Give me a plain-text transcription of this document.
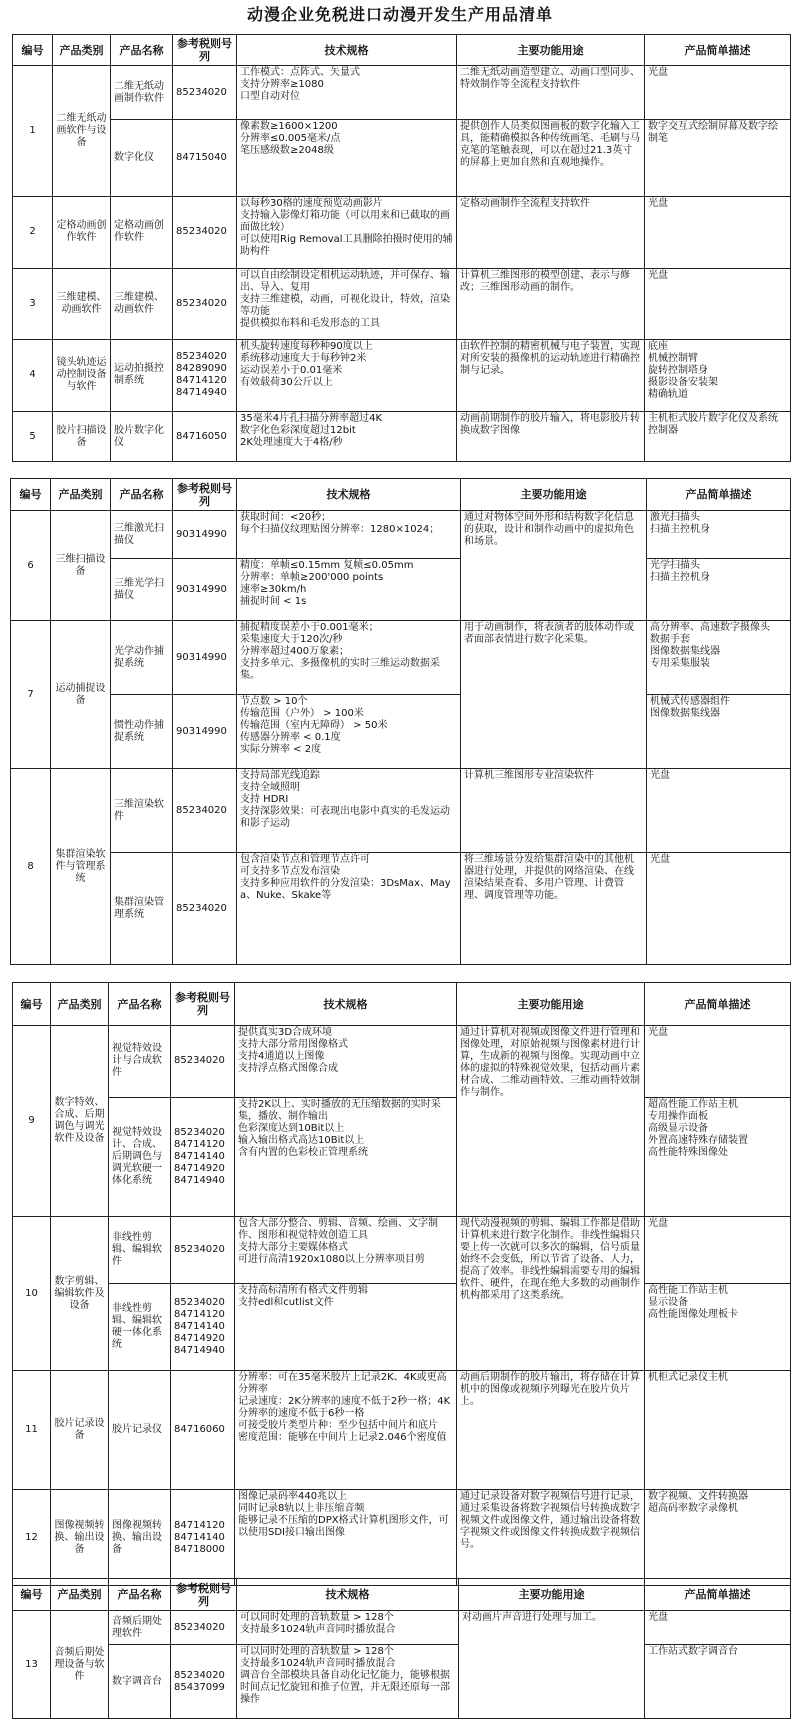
动漫企业免税进口动漫开发生产用品清单
编号	产品类别	产品名称	参考税则号列	技术规格	主要功能用途	产品简单描述
1	二维无纸动画软件与设备	二维无纸动画制作软件	85234020	工作模式：点阵式、矢量式
支持分辨率≥1080
口型自动对位	二维无纸动画造型建立、动画口型同步、特效制作等全流程支持软件	光盘
		数字化仪	84715040	像素数≥1600×1200
分辨率≤0.005毫米/点
笔压感级数≥2048级	提供创作人员类似图画板的数字化输入工具，能精确模拟各种传统画笔、毛刷与马克笔的笔触表现，可以在超过21.3英寸的屏幕上更加自然和直观地操作。	数字交互式绘制屏幕及数字绘制笔
2	定格动画创作软件	定格动画创作软件	85234020	以每秒30格的速度预览动画影片
支持输入影像灯箱功能（可以用来和已截取的画面做比较）
可以使用Rig Removal工具删除拍摄时使用的辅助构件	定格动画制作全流程支持软件	光盘
3	三维建模、动画软件	三维建模、动画软件	85234020	可以自由绘制设定相机运动轨迹，并可保存、输出、导入、复用
支持三维建模，动画，可视化设计，特效，渲染等功能
提供模拟布料和毛发形态的工具	计算机三维图形的模型创建、表示与修改；三维图形动画的制作。	光盘
4	镜头轨迹运动控制设备与软件	运动拍摄控制系统	85234020
84289090
84714120
84714940	机头旋转速度每秒种90度以上
系统移动速度大于每秒钟2米
运动误差小于0.01毫米
有效载荷30公斤以上	由软件控制的精密机械与电子装置，实现对所安装的摄像机的运动轨迹进行精确控制与记录。	底座
机械控制臂
旋转控制塔身
摄影设备安装架
精确轨道
5	胶片扫描设备	胶片数字化仪	84716050	35毫米4片孔扫描分辨率超过4K
数字化色彩深度超过12bit
2K处理速度大于4格/秒	动画前期制作的胶片输入，将电影胶片转换成数字图像	主机柜式胶片数字化仪及系统控制器
编号	产品类别	产品名称	参考税则号列	技术规格	主要功能用途	产品简单描述
6	三维扫描设备	三维激光扫描仪	90314990	获取时间：<20秒；
每个扫描仪纹理贴图分辨率：1280×1024；	通过对物体空间外形和结构数字化信息的获取，设计和制作动画中的虚拟角色和场景。	激光扫描头
扫描主控机身
		三维光学扫描仪	90314990	精度：单帧≤0.15mm 复帧≤0.05mm
分辨率：单帧≥200'000 points
速率≥30km/h
捕捉时间 < 1s		光学扫描头
扫描主控机身
7	运动捕捉设备	光学动作捕捉系统	90314990	捕捉精度误差小于0.001毫米；
采集速度大于120次/秒
分辨率超过400万象素；
支持多单元、多摄像机的实时三维运动数据采集。	用于动画制作，将表演者的肢体动作或者面部表情进行数字化采集。	高分辨率、高速数字摄像头
数据手套
图像数据集线器
专用采集服装
		惯性动作捕捉系统	90314990	节点数 > 10个
传输范围（户外） > 100米
传输范围（室内无障碍） > 50米
传感器分辨率 < 0.1度
实际分辨率 < 2度		机械式传感器组件
图像数据集线器
8	集群渲染软件与管理系统	三维渲染软件	85234020	支持局部光线追踪
支持全域照明
支持 HDRI
支持深影效果：可表现出电影中真实的毛发运动和影子运动	计算机三维图形专业渲染软件	光盘
		集群渲染管理系统	85234020	包含渲染节点和管理节点许可
可支持多节点发布渲染
支持多种应用软件的分发渲染：3DsMax、Maya、Nuke、Skake等	将三维场景分发给集群渲染中的其他机器进行处理，并提供的网络渲染、在线渲染结果查看、多用户管理、计费管理、调度管理等功能。	光盘
编号	产品类别	产品名称	参考税则号列	技术规格	主要功能用途	产品简单描述
9	数字特效、合成、后期调色与调光软件及设备	视觉特效设计与合成软件	85234020	提供真实3D合成环境
支持大部分常用图像格式
支持4通道以上图像
支持浮点格式图像合成	通过计算机对视频或图像文件进行管理和图像处理，对原始视频与图像素材进行计算，生成新的视频与图像。实现动画中立体的虚拟的特殊视觉效果，包括动画片素材合成、二维动画特效、三维动画特效制作与制作。	光盘
		视觉特效设计、合成、后期调色与调光软硬一体化系统	85234020
84714120
84714140
84714920
84714940	支持2K以上、实时播放的无压缩数据的实时采集，播放、制作输出
色彩深度达到10Bit以上
输入输出格式高达10Bit以上
含有内置的色彩校正管理系统		超高性能工作站主机
专用操作面板
高级显示设备
外置高速特殊存储装置
高性能特殊图像处
10	数字剪辑、编辑软件及设备	非线性剪辑、编辑软件	85234020	包含大部分整合、剪辑、音频、绘画、文字制作、图形和视觉特效创造工具
支持大部分主要媒体格式
可进行高清1920x1080以上分辨率项目剪	现代动漫视频的剪辑、编辑工作都是借助计算机来进行数字化制作。非线性编辑只要上传一次就可以多次的编辑，信号质量始终不会变低，所以节省了设备、人力，提高了效率。非线性编辑需要专用的编辑软件、硬件，在现在绝大多数的动画制作机构都采用了这类系统。	光盘
		非线性剪辑、编辑软硬一体化系统	85234020
84714120
84714140
84714920
84714940	支持高标清所有格式文件剪辑
支持edl和cutlist文件		高性能工作站主机
显示设备
高性能图像处理板卡
11	胶片记录设备	胶片记录仪	84716060	分辨率：可在35毫米胶片上记录2K、4K或更高分辨率
记录速度：2K分辨率的速度不低于2秒一格；4K分辨率的速度不低于6秒一格
可接受胶片类型片种：至少包括中间片和底片
密度范围：能够在中间片上记录2.046个密度值	动画后期制作的胶片输出，将存储在计算机中的图像或视频序列曝光在胶片负片上。	机柜式记录仪主机
12	图像视频转换、输出设备	图像视频转换、输出设备	84714120
84714140
84718000	图像记录码率440兆以上
同时记录8轨以上非压缩音频
能够记录不压缩的DPX格式计算机图形文件，可以使用SDI接口输出图像	通过记录设备对数字视频信号进行记录，通过采集设备将数字视频信号转换成数字视频文件或图像文件，通过输出设备将数字视频文件或图像文件转换成数字视频信号。	数字视频、文件转换器
超高码率数字录像机
编号	产品类别	产品名称	参考税则号列	技术规格	主要功能用途	产品简单描述
13	音频后期处理设备与软件	音频后期处理软件	85234020	可以同时处理的音轨数量 > 128个
支持最多1024轨声音同时播放混合	对动画片声音进行处理与加工。	光盘
		数字调音台	85234020
85437099	可以同时处理的音轨数量 > 128个
支持最多1024轨声音同时播放混合
调音台全部模块具备自动化记忆能力，能够根据时间点记忆旋钮和推子位置，并无限还原每一部操作		工作站式数字调音台
